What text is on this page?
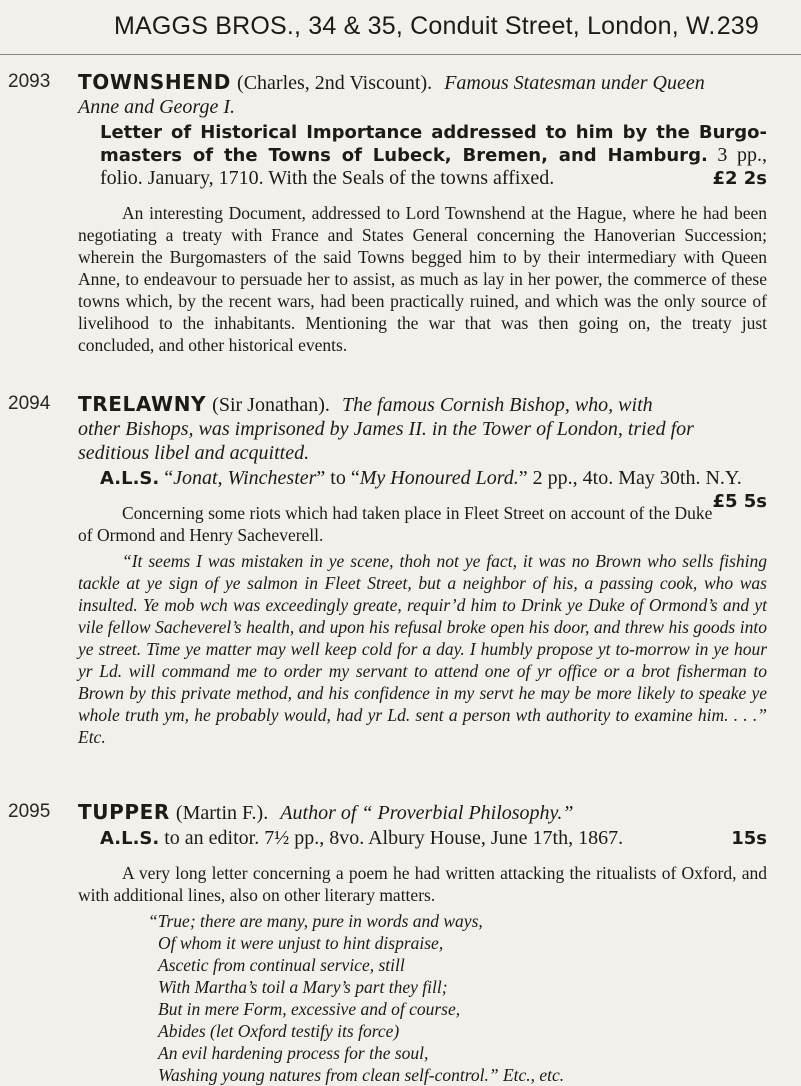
MAGGS BROS., 34 & 35, Conduit Street, London, W. 239
2093 TOWNSHEND (Charles, 2nd Viscount). Famous Statesman under Queen
Anne and George I.
Letter of Historical Importance addressed to him by the Burgo-masters of the Towns of Lubeck, Bremen, and Hamburg. 3 pp., folio. January, 1710. With the Seals of the towns affixed.	£2 2s
An interesting Document, addressed to Lord Townshend at the Hague, where he had been negotiating a treaty with France and States General concerning the Hanoverian Succession; wherein the Burgomasters of the said Towns begged him to by their intermediary with Queen Anne, to endeavour to persuade her to assist, as much as lay in her power, the commerce of these towns which, by the recent wars, had been practically ruined, and which was the only source of livelihood to the inhabitants. Mentioning the war that was then going on, the treaty just concluded, and other historical events.
2094 TRELAWNY (Sir Jonathan). The famous Cornish Bishop, who, with
other Bishops, was imprisoned by James II. in the Tower of London, tried for seditious libel and acquitted.
A.L.S. “Jonat, Winchester” to “My Honoured Lord.” 2 pp., 4to. May 30th. N.Y.
£5 5s
Concerning some riots which had taken place in Fleet Street on account of the Duke of Ormond and Henry Sacheverell.
“It seems I was mistaken in ye scene, thoh not ye fact, it was no Brown who sells fishing tackle at ye sign of ye salmon in Fleet Street, but a neighbor of his, a passing cook, who was insulted. Ye mob wch was exceedingly greate, requir’d him to Drink ye Duke of Ormond’s and yt vile fellow Sacheverel’s health, and upon his refusal broke open his door, and threw his goods into ye street. Time ye matter may well keep cold for a day. I humbly propose yt to-morrow in ye hour yr Ld. will command me to order my servant to attend one of yr office or a brot fisherman to Brown by this private method, and his confidence in my servt he may be more likely to speake ye whole truth ym, he probably would, had yr Ld. sent a person wth authority to examine him. . . .” Etc.
2095 TUPPER (Martin F.). Author of “ Proverbial Philosophy.”
A.L.S. to an editor. 7½ pp., 8vo. Albury House, June 17th, 1867.	15s
A very long letter concerning a poem he had written attacking the ritualists of Oxford, and with additional lines, also on other literary matters.
“True; there are many, pure in words and ways,
Of whom it were unjust to hint dispraise,
Ascetic from continual service, still
With Martha’s toil a Mary’s part they fill;
But in mere Form, excessive and of course,
Abides (let Oxford testify its force)
An evil hardening process for the soul,
Washing young natures from clean self-control.” Etc., etc.
